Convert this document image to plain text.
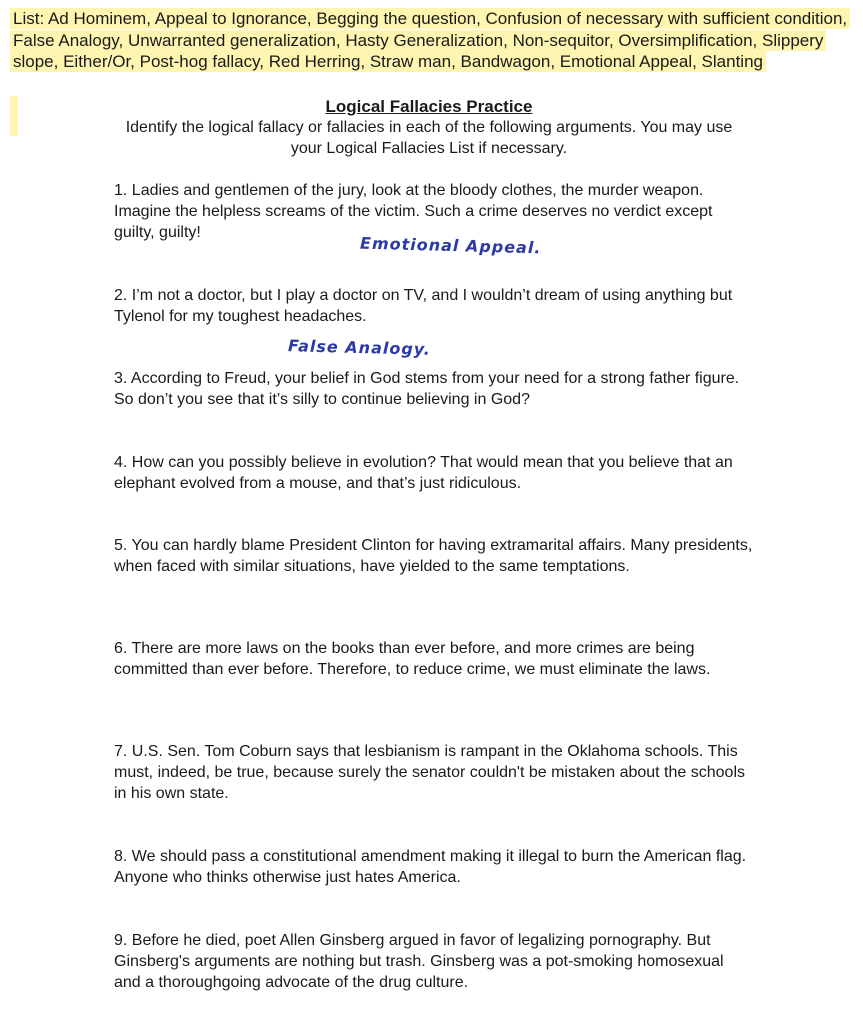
List: Ad Hominem, Appeal to Ignorance, Begging the question, Confusion of necessary with sufficient condition, False Analogy, Unwarranted generalization, Hasty Generalization, Non-sequitor, Oversimplification, Slippery slope, Either/Or, Post-hog fallacy, Red Herring, Straw man, Bandwagon, Emotional Appeal, Slanting
Logical Fallacies Practice
Identify the logical fallacy or fallacies in each of the following arguments. You may use your Logical Fallacies List if necessary.
1. Ladies and gentlemen of the jury, look at the bloody clothes, the murder weapon. Imagine the helpless screams of the victim. Such a crime deserves no verdict except guilty, guilty!
Emotional Appeal.
2. I’m not a doctor, but I play a doctor on TV, and I wouldn’t dream of using anything but Tylenol for my toughest headaches.
False Analogy.
3. According to Freud, your belief in God stems from your need for a strong father figure. So don’t you see that it’s silly to continue believing in God?
4. How can you possibly believe in evolution? That would mean that you believe that an elephant evolved from a mouse, and that’s just ridiculous.
5. You can hardly blame President Clinton for having extramarital affairs. Many presidents, when faced with similar situations, have yielded to the same temptations.
6. There are more laws on the books than ever before, and more crimes are being committed than ever before. Therefore, to reduce crime, we must eliminate the laws.
7. U.S. Sen. Tom Coburn says that lesbianism is rampant in the Oklahoma schools. This must, indeed, be true, because surely the senator couldn't be mistaken about the schools in his own state.
8. We should pass a constitutional amendment making it illegal to burn the American flag. Anyone who thinks otherwise just hates America.
9. Before he died, poet Allen Ginsberg argued in favor of legalizing pornography. But Ginsberg's arguments are nothing but trash. Ginsberg was a pot-smoking homosexual and a thoroughgoing advocate of the drug culture.
